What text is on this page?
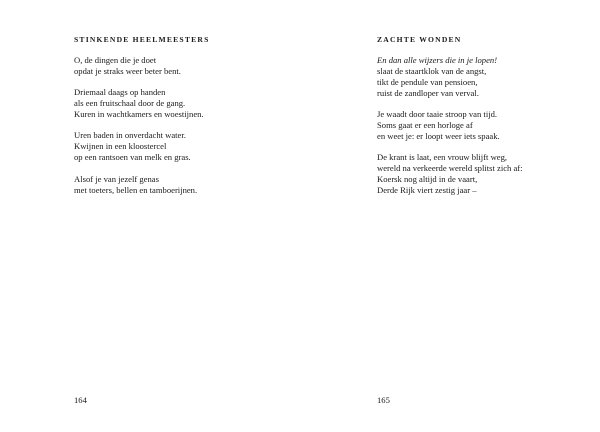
STINKENDE HEELMEESTERS
O, de dingen die je doet
opdat je straks weer beter bent.
Driemaal daags op handen
als een fruitschaal door de gang.
Kuren in wachtkamers en woestijnen.
Uren baden in onverdacht water.
Kwijnen in een kloostercel
op een rantsoen van melk en gras.
Alsof je van jezelf genas
met toeters, bellen en tamboerijnen.
164
ZACHTE WONDEN
En dan alle wijzers die in je lopen!
slaat de staartklok van de angst,
tikt de pendule van pensioen,
ruist de zandloper van verval.
Je waadt door taaie stroop van tijd.
Soms gaat er een horloge af
en weet je: er loopt weer iets spaak.
De krant is laat, een vrouw blijft weg,
wereld na verkeerde wereld splitst zich af:
Koersk nog altijd in de vaart,
Derde Rijk viert zestig jaar –
165
